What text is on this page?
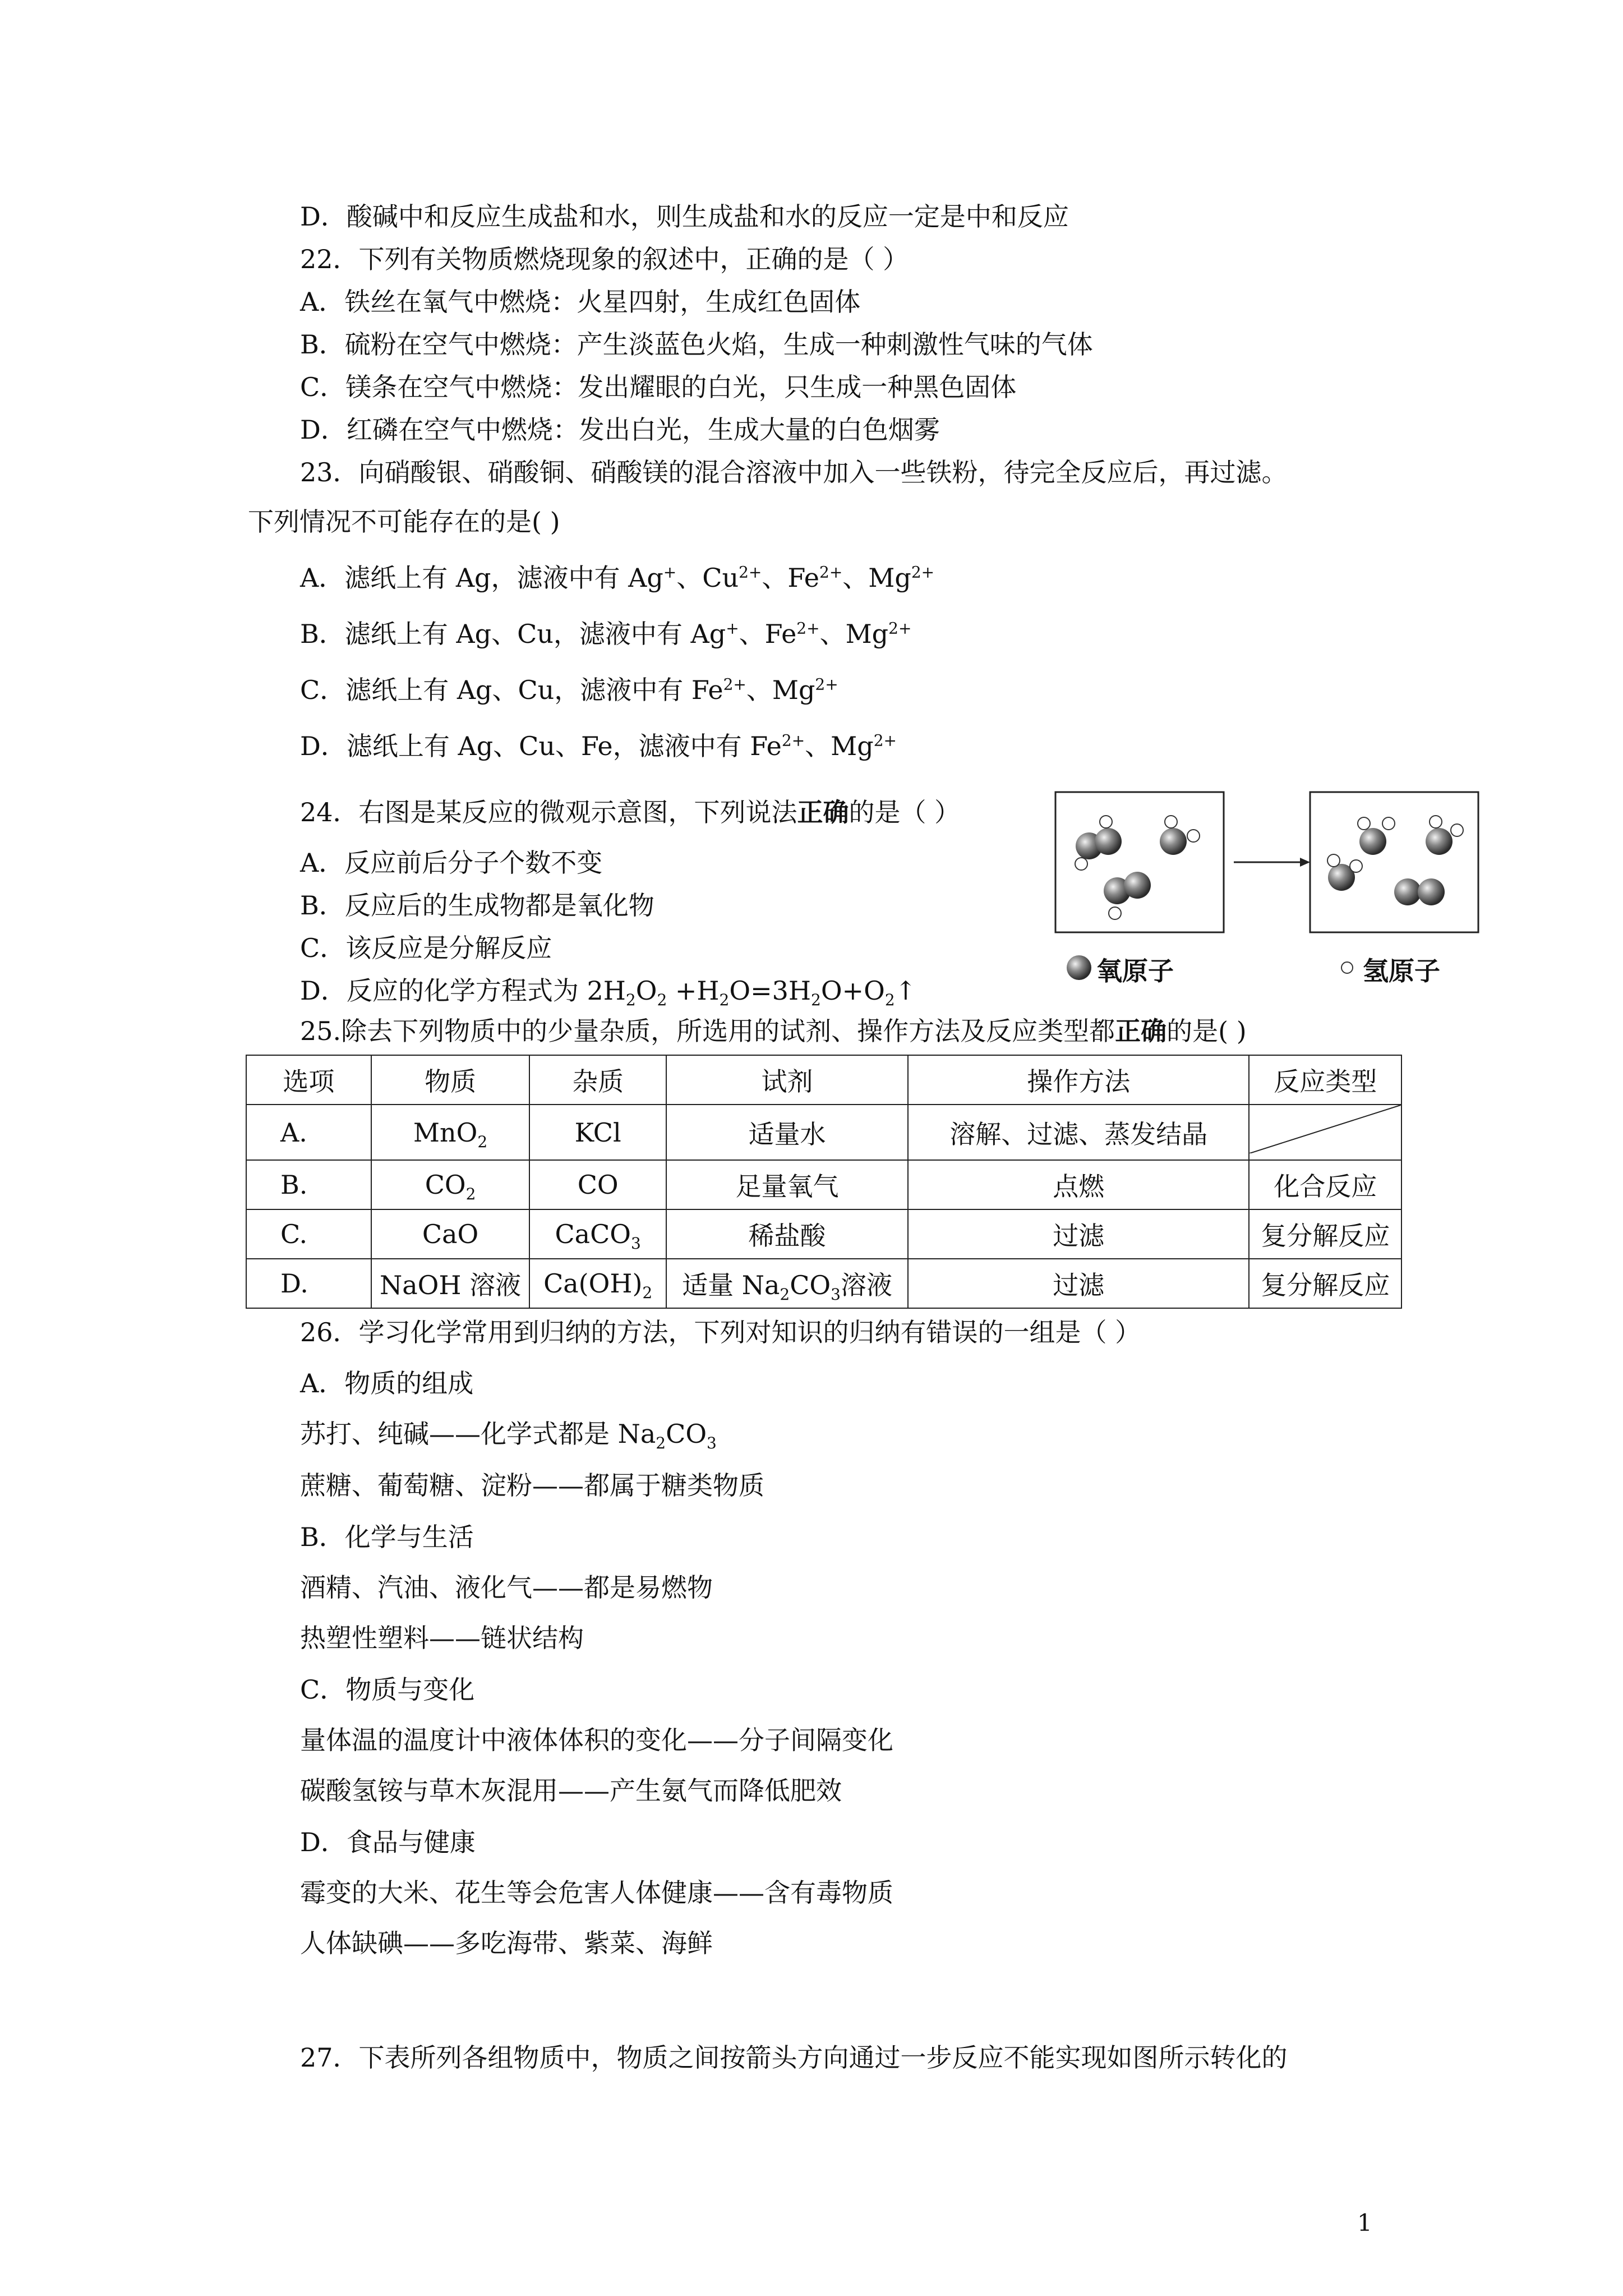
D．酸碱中和反应生成盐和水，则生成盐和水的反应一定是中和反应
22．下列有关物质燃烧现象的叙述中，正确的是（ ）
A．铁丝在氧气中燃烧：火星四射，生成红色固体
B．硫粉在空气中燃烧：产生淡蓝色火焰，生成一种刺激性气味的气体
C．镁条在空气中燃烧：发出耀眼的白光，只生成一种黑色固体
D．红磷在空气中燃烧：发出白光，生成大量的白色烟雾
23．向硝酸银、硝酸铜、硝酸镁的混合溶液中加入一些铁粉，待完全反应后，再过滤。
下列情况不可能存在的是( )
A．滤纸上有 Ag，滤液中有 Ag+、$Cu^{2+}$、$Fe^{2+}$、$Mg^{2+}$
B．滤纸上有 Ag、Cu，滤液中有 Ag+、$Fe^{2+}$、$Mg^{2+}$
C．滤纸上有 Ag、Cu，滤液中有 $Fe^{2+}$、$Mg^{2+}$
D．滤纸上有 Ag、Cu、Fe，滤液中有 $Fe^{2+}$、$Mg^{2+}$
24．右图是某反应的微观示意图，下列说法正确的是（ ）
A．反应前后分子个数不变
B．反应后的生成物都是氧化物
C．该反应是分解反应
D．反应的化学方程式为 $2H_2O_2$ $+H_2O=3H_2O+O_2↑$
氧原子	氢原子
25.除去下列物质中的少量杂质，所选用的试剂、操作方法及反应类型都正确的是( )
选项	物质	杂质	试剂	操作方法	反应类型
A.	MnO$_2$	KCl	适量水	溶解、过滤、蒸发结晶	
B.	$CO_2$	CO	足量氧气	点燃	化合反应
C.	CaO	CaCO$_3$	稀盐酸	过滤	复分解反应
D.	NaOH 溶液	$Ca(OH)_2$	适量 $Na_2CO_3$溶液	过滤	复分解反应
26．学习化学常用到归纳的方法，下列对知识的归纳有错误的一组是（ ）
A．物质的组成
苏打、纯碱——化学式都是 $Na_2CO_3$
蔗糖、葡萄糖、淀粉——都属于糖类物质
B．化学与生活
酒精、汽油、液化气——都是易燃物
热塑性塑料——链状结构
C．物质与变化
量体温的温度计中液体体积的变化——分子间隔变化
碳酸氢铵与草木灰混用——产生氨气而降低肥效
D．食品与健康
霉变的大米、花生等会危害人体健康——含有毒物质
人体缺碘——多吃海带、紫菜、海鲜
27．下表所列各组物质中，物质之间按箭头方向通过一步反应不能实现如图所示转化的
1
